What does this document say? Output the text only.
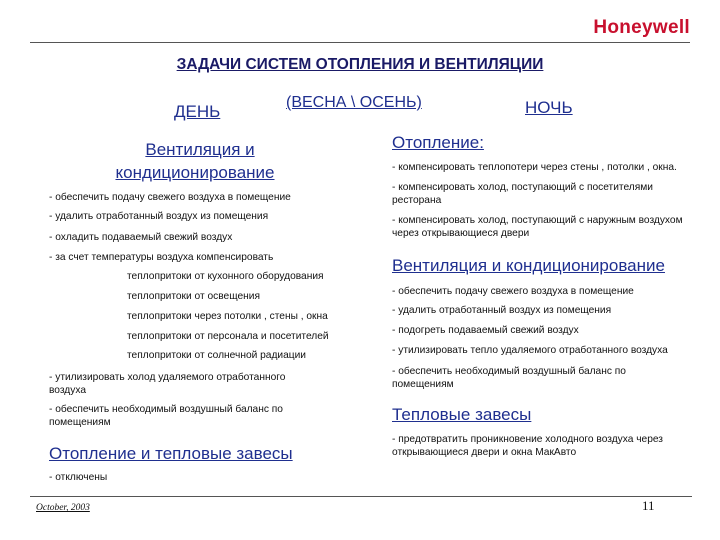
Honeywell
ЗАДАЧИ СИСТЕМ ОТОПЛЕНИЯ И ВЕНТИЛЯЦИИ
ДЕНЬ	(ВЕСНА \ ОСЕНЬ)	НОЧЬ
Вентиляция и
кондиционирование
- обеспечить подачу свежего воздуха в помещение
- удалить отработанный воздух из помещения
- охладить подаваемый свежий воздух
- за счет температуры воздуха компенсировать
теплопритоки от кухонного оборудования
теплопритоки от освещения
теплопритоки через потолки , стены , окна
теплопритоки от персонала и посетителей
теплопритоки от солнечной радиации
- утилизировать холод удаляемого отработанного воздуха
- обеспечить необходимый воздушный баланс по помещениям
Отопление и тепловые завесы
- отключены
Отопление:
- компенсировать теплопотери через стены , потолки , окна.
- компенсировать холод, поступающий с посетителями ресторана
- компенсировать холод, поступающий с наружным воздухом через открывающиеся двери
Вентиляция и кондиционирование
- обеспечить подачу свежего воздуха в помещение
- удалить отработанный воздух из помещения
- подогреть подаваемый свежий воздух
- утилизировать тепло удаляемого отработанного воздуха
- обеспечить необходимый воздушный баланс по помещениям
Тепловые завесы
- предотвратить проникновение холодного воздуха через открывающиеся двери и окна МакАвто
October, 2003	11
